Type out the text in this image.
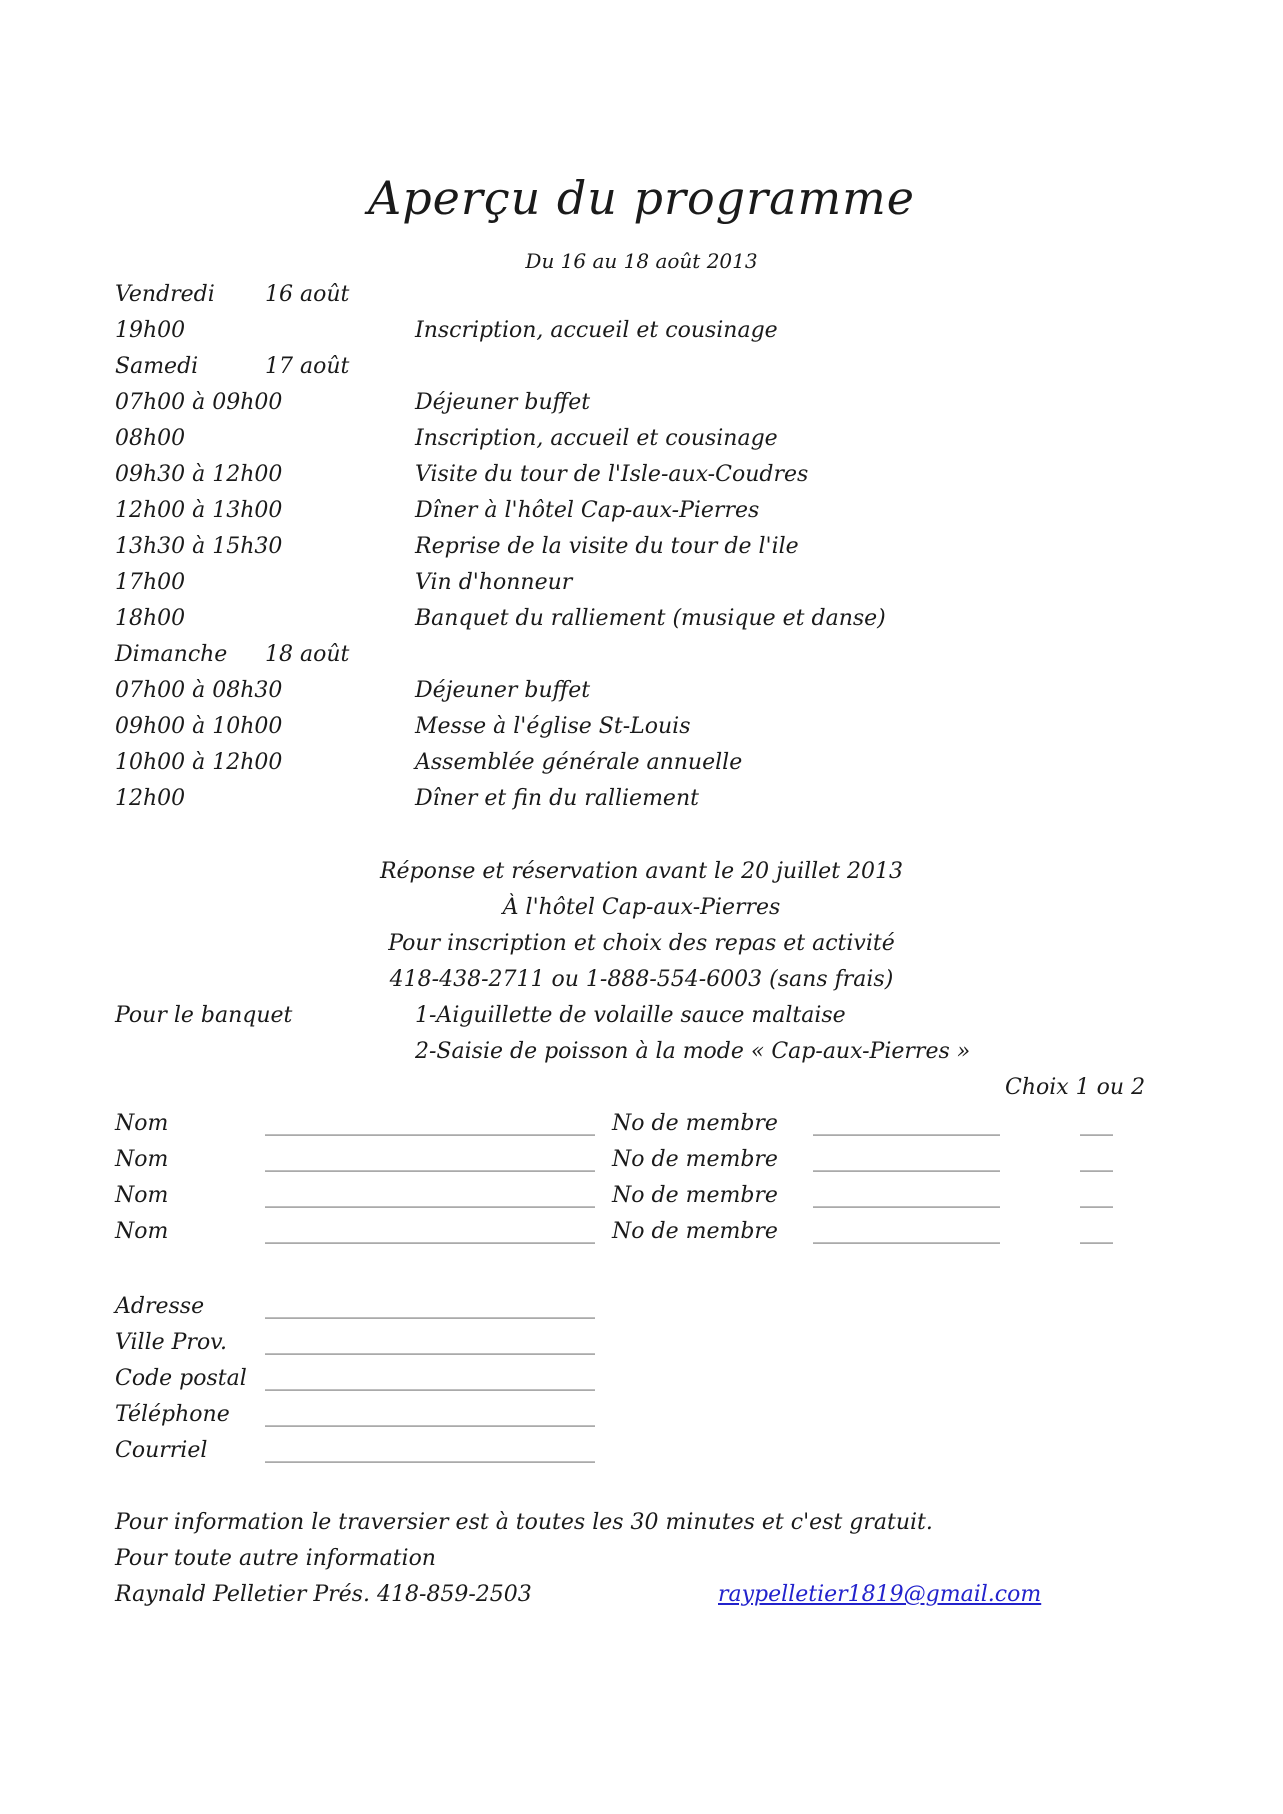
Aperçu du programme
Du 16 au 18 août 2013
Vendredi 16 août
19h00	Inscription, accueil et cousinage
Samedi	17 août
07h00 à 09h00	Déjeuner buffet
08h00	Inscription, accueil et cousinage
09h30 à 12h00	Visite du tour de l'Isle-aux-Coudres
12h00 à 13h00	Dîner à l'hôtel Cap-aux-Pierres
13h30 à 15h30	Reprise de la visite du tour de l'ile
17h00	Vin d'honneur
18h00	Banquet du ralliement (musique et danse)
Dimanche 18 août
07h00 à 08h30	Déjeuner buffet
09h00 à 10h00	Messe à l'église St-Louis
10h00 à 12h00	Assemblée générale annuelle
12h00	Dîner et fin du ralliement
Réponse et réservation avant le 20 juillet 2013
À l'hôtel Cap-aux-Pierres
Pour inscription et choix des repas et activité
418-438-2711 ou 1-888-554-6003 (sans frais)
Pour le banquet	1-Aiguillette de volaille sauce maltaise
2-Saisie de poisson à la mode « Cap-aux-Pierres »
Choix 1 ou 2
Nom	______________________________ No de membre _________________	___
Nom	______________________________ No de membre _________________	___
Nom	______________________________ No de membre _________________	___
Nom	______________________________ No de membre _________________	___
Adresse	______________________________
Ville Prov. ______________________________
Code postal ______________________________
Téléphone ______________________________
Courriel	______________________________
Pour information le traversier est à toutes les 30 minutes et c'est gratuit.
Pour toute autre information
Raynald Pelletier Prés. 418-859-2503	raypelletier1819@gmail.com
